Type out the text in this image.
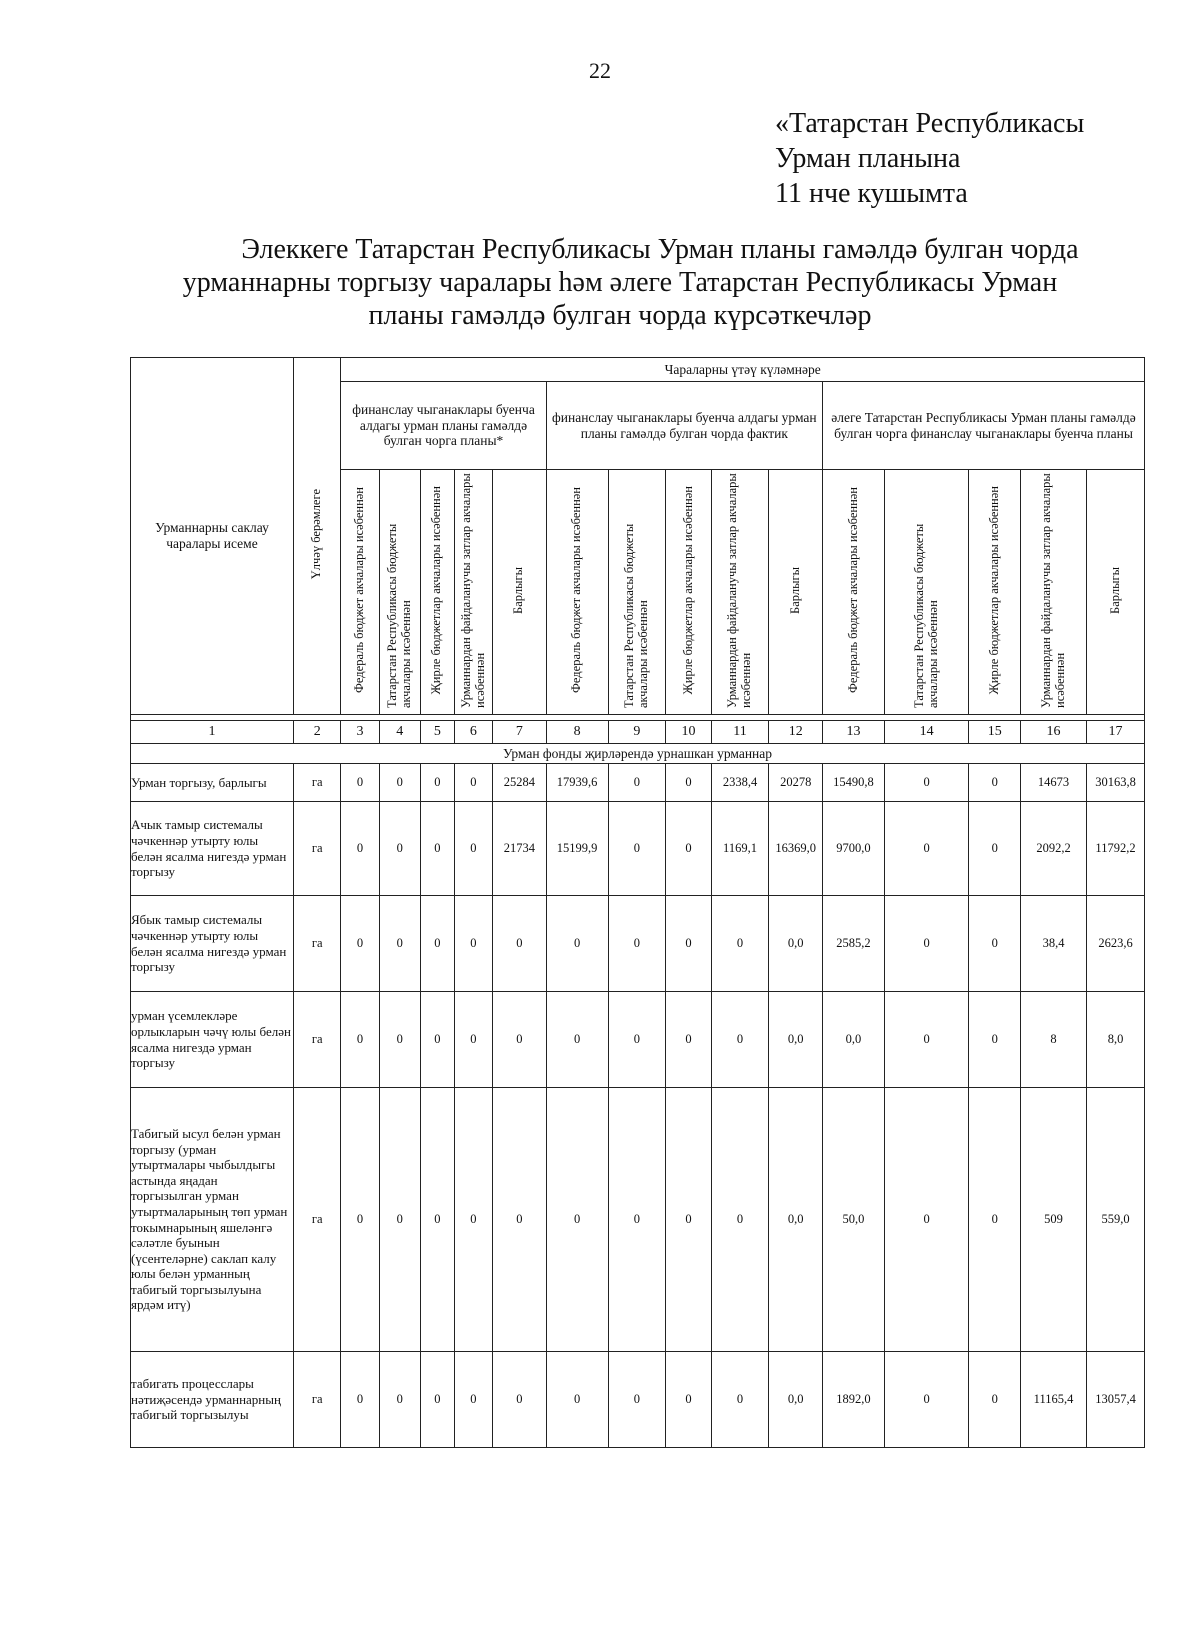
22
«Татарстан Республикасы
Урман планына
11 нче кушымта
Элеккеге Татарстан Республикасы Урман планы гамәлдә булган чорда
урманнарны торгызу чаралары һәм әлеге Татарстан Республикасы Урман
планы гамәлдә булган чорда күрсәткечләр
Урманнарны саклау чаралары исеме	Үлчәү берәмлеге	Чараларны үтәү күләмнәре														
		финанслау чыганаклары буенча алдагы урман планы гамәлдә булган чорга планы*					финанслау чыганаклары буенча алдагы урман планы гамәлдә булган чорда фактик					әлеге Татарстан Республикасы Урман планы гамәлдә булган чорга финанслау чыганаклары буенча планы				
		Федераль бюджет акчалары исәбеннән	Татарстан Республикасы бюджеты акчалары исәбеннән	Җирле бюджетлар акчалары исәбеннән	Урманнардан файдаланучы затлар акчалары исәбеннән	Барлыгы	Федераль бюджет акчалары исәбеннән	Татарстан Республикасы бюджеты акчалары исәбеннән	Җирле бюджетлар акчалары исәбеннән	Урманнардан файдаланучы затлар акчалары исәбеннән	Барлыгы	Федераль бюджет акчалары исәбеннән	Татарстан Республикасы бюджеты акчалары исәбеннән	Җирле бюджетлар акчалары исәбеннән	Урманнардан файдаланучы затлар акчалары исәбеннән	Барлыгы

1	2	3	4	5	6	7	8	9	10	11	12	13	14	15	16	17
Урман фонды җирләрендә урнашкан урманнар																
Урман торгызу, барлыгы	га	0	0	0	0	25284	17939,6	0	0	2338,4	20278	15490,8	0	0	14673	30163,8
Ачык тамыр системалы чәчкеннәр утырту юлы белән ясалма нигездә урман торгызу	га	0	0	0	0	21734	15199,9	0	0	1169,1	16369,0	9700,0	0	0	2092,2	11792,2
Ябык тамыр системалы чәчкеннәр утырту юлы белән ясалма нигездә урман торгызу	га	0	0	0	0	0	0	0	0	0	0,0	2585,2	0	0	38,4	2623,6
урман үсемлекләре орлыкларын чәчү юлы белән ясалма нигездә урман торгызу	га	0	0	0	0	0	0	0	0	0	0,0	0,0	0	0	8	8,0
Табигый ысул белән урман торгызу (урман утыртмалары чыбылдыгы астында яңадан торгызылган урман утыртмаларының төп урман токымнарының яшеләнгә сәләтле буынын (үсентеләрне) саклап калу юлы белән урманның табигый торгызылуына ярдәм итү)	га	0	0	0	0	0	0	0	0	0	0,0	50,0	0	0	509	559,0
табигать процесслары нәтиҗәсендә урманнарның табигый торгызылуы	га	0	0	0	0	0	0	0	0	0	0,0	1892,0	0	0	11165,4	13057,4
